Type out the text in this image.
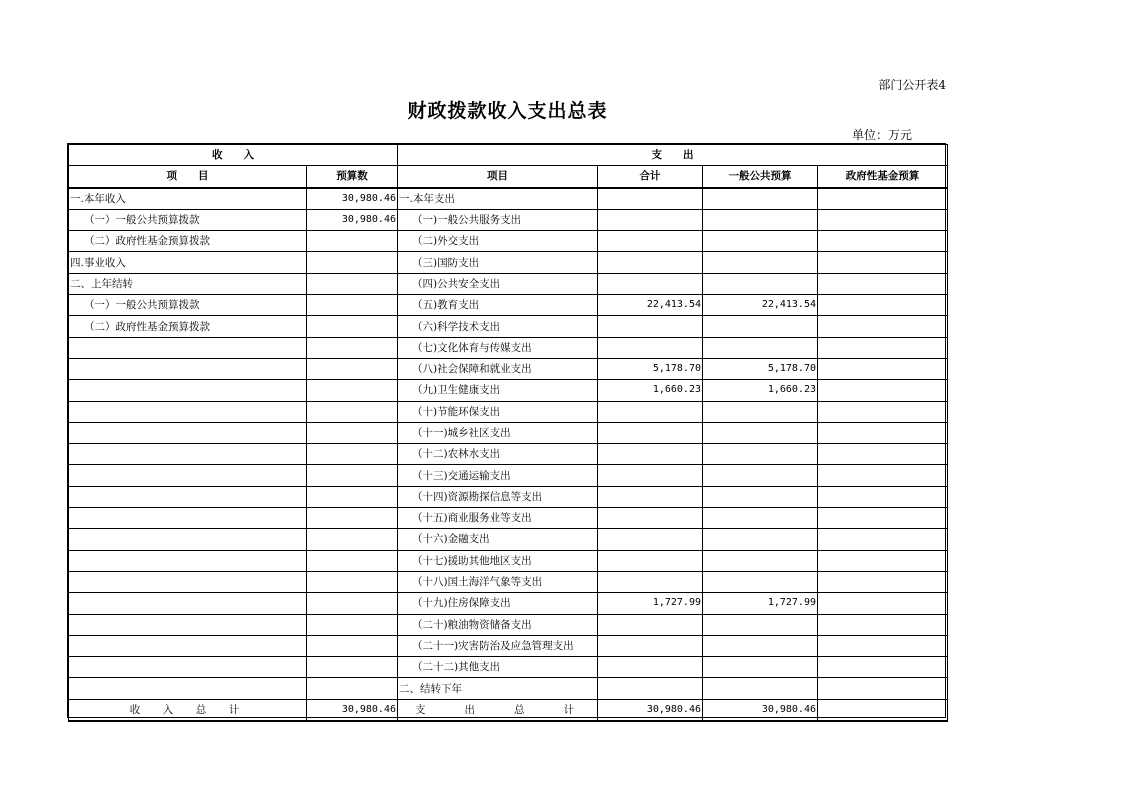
部门公开表4
财政拨款收入支出总表
单位：万元
收　　入		支　　出			
项　　目	预算数	项目	合计	一般公共预算	政府性基金预算
一.本年收入	30,980.46	一.本年支出			
（一）一般公共预算拨款	30,980.46	（一)一般公共服务支出			
（二）政府性基金预算拨款		（二)外交支出			
四.事业收入		（三)国防支出			
二、上年结转		（四)公共安全支出			
（一）一般公共预算拨款		（五)教育支出	22,413.54	22,413.54	
（二）政府性基金预算拨款		（六)科学技术支出			
		（七)文化体育与传媒支出			
		（八)社会保障和就业支出	5,178.70	5,178.70	
		（九)卫生健康支出	1,660.23	1,660.23	
		（十)节能环保支出			
		（十一)城乡社区支出			
		（十二)农林水支出			
		（十三)交通运输支出			
		（十四)资源勘探信息等支出			
		（十五)商业服务业等支出			
		（十六)金融支出			
		（十七)援助其他地区支出			
		（十八)国土海洋气象等支出			
		（十九)住房保障支出	1,727.99	1,727.99	
		（二十)粮油物资储备支出			
		（二十一)灾害防治及应急管理支出			
		（二十二)其他支出			
		二、结转下年			
收　入　总　计	30,980.46	支　　出　　总　　计	30,980.46	30,980.46	
